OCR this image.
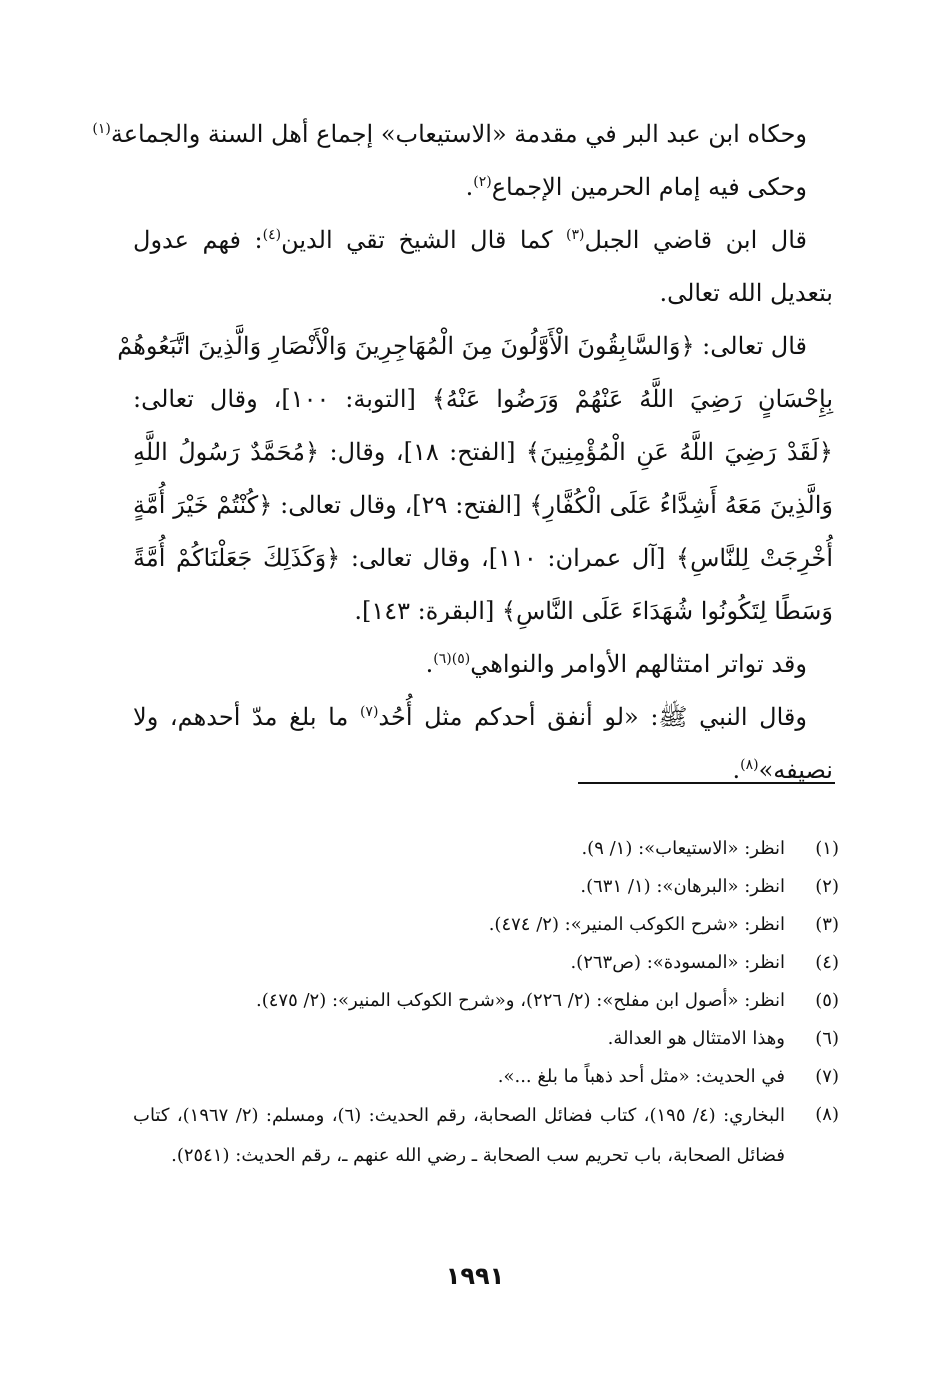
وحكاه ابن عبد البر في مقدمة «الاستيعاب» إجماع أهل السنة والجماعة$^{(١)}$
وحكى فيه إمام الحرمين الإجماع$^{(٢)}$.
قال ابن قاضي الجبل$^{(٣)}$ كما قال الشيخ تقي الدين$^{(٤)}$: فهم عدول
بتعديل الله تعالى.
قال تعالى: ﴿وَالسَّابِقُونَ الْأَوَّلُونَ مِنَ الْمُهَاجِرِينَ وَالْأَنْصَارِ وَالَّذِينَ اتَّبَعُوهُمْ
بِإِحْسَانٍ رَضِيَ اللَّهُ عَنْهُمْ وَرَضُوا عَنْهُ﴾ [التوبة: ١٠٠]، وقال تعالى:
﴿لَقَدْ رَضِيَ اللَّهُ عَنِ الْمُؤْمِنِينَ﴾ [الفتح: ١٨]، وقال: ﴿مُحَمَّدٌ رَسُولُ اللَّهِ
وَالَّذِينَ مَعَهُ أَشِدَّاءُ عَلَى الْكُفَّارِ﴾ [الفتح: ٢٩]، وقال تعالى: ﴿كُنْتُمْ خَيْرَ أُمَّةٍ
أُخْرِجَتْ لِلنَّاسِ﴾ [آل عمران: ١١٠]، وقال تعالى: ﴿وَكَذَلِكَ جَعَلْنَاكُمْ أُمَّةً
وَسَطًا لِتَكُونُوا شُهَدَاءَ عَلَى النَّاسِ﴾ [البقرة: ١٤٣].
وقد تواتر امتثالهم الأوامر والنواهي$^{(٥)(٦)}$.
وقال النبي ﷺ: «لو أنفق أحدكم مثل أُحُد$^{(٧)}$ ما بلغ مدّ أحدهم، ولا
نصيفه»$^{(٨)}$.
(١)
انظر: «الاستيعاب»: (١/ ٩).
(٢)
انظر: «البرهان»: (١/ ٦٣١).
(٣)
انظر: «شرح الكوكب المنير»: (٢/ ٤٧٤).
(٤)
انظر: «المسودة»: (ص٢٦٣).
(٥)
انظر: «أصول ابن مفلح»: (٢/ ٢٢٦)، و«شرح الكوكب المنير»: (٢/ ٤٧٥).
(٦)
وهذا الامتثال هو العدالة.
(٧)
في الحديث: «مثل أحد ذهباً ما بلغ ...».
(٨)
البخاري: (٤/ ١٩٥)، كتاب فضائل الصحابة، رقم الحديث: (٦)، ومسلم: (٢/ ١٩٦٧)، كتاب فضائل الصحابة، باب تحريم سب الصحابة ـ رضي الله عنهم ـ، رقم الحديث: (٢٥٤١).
١٩٩١
